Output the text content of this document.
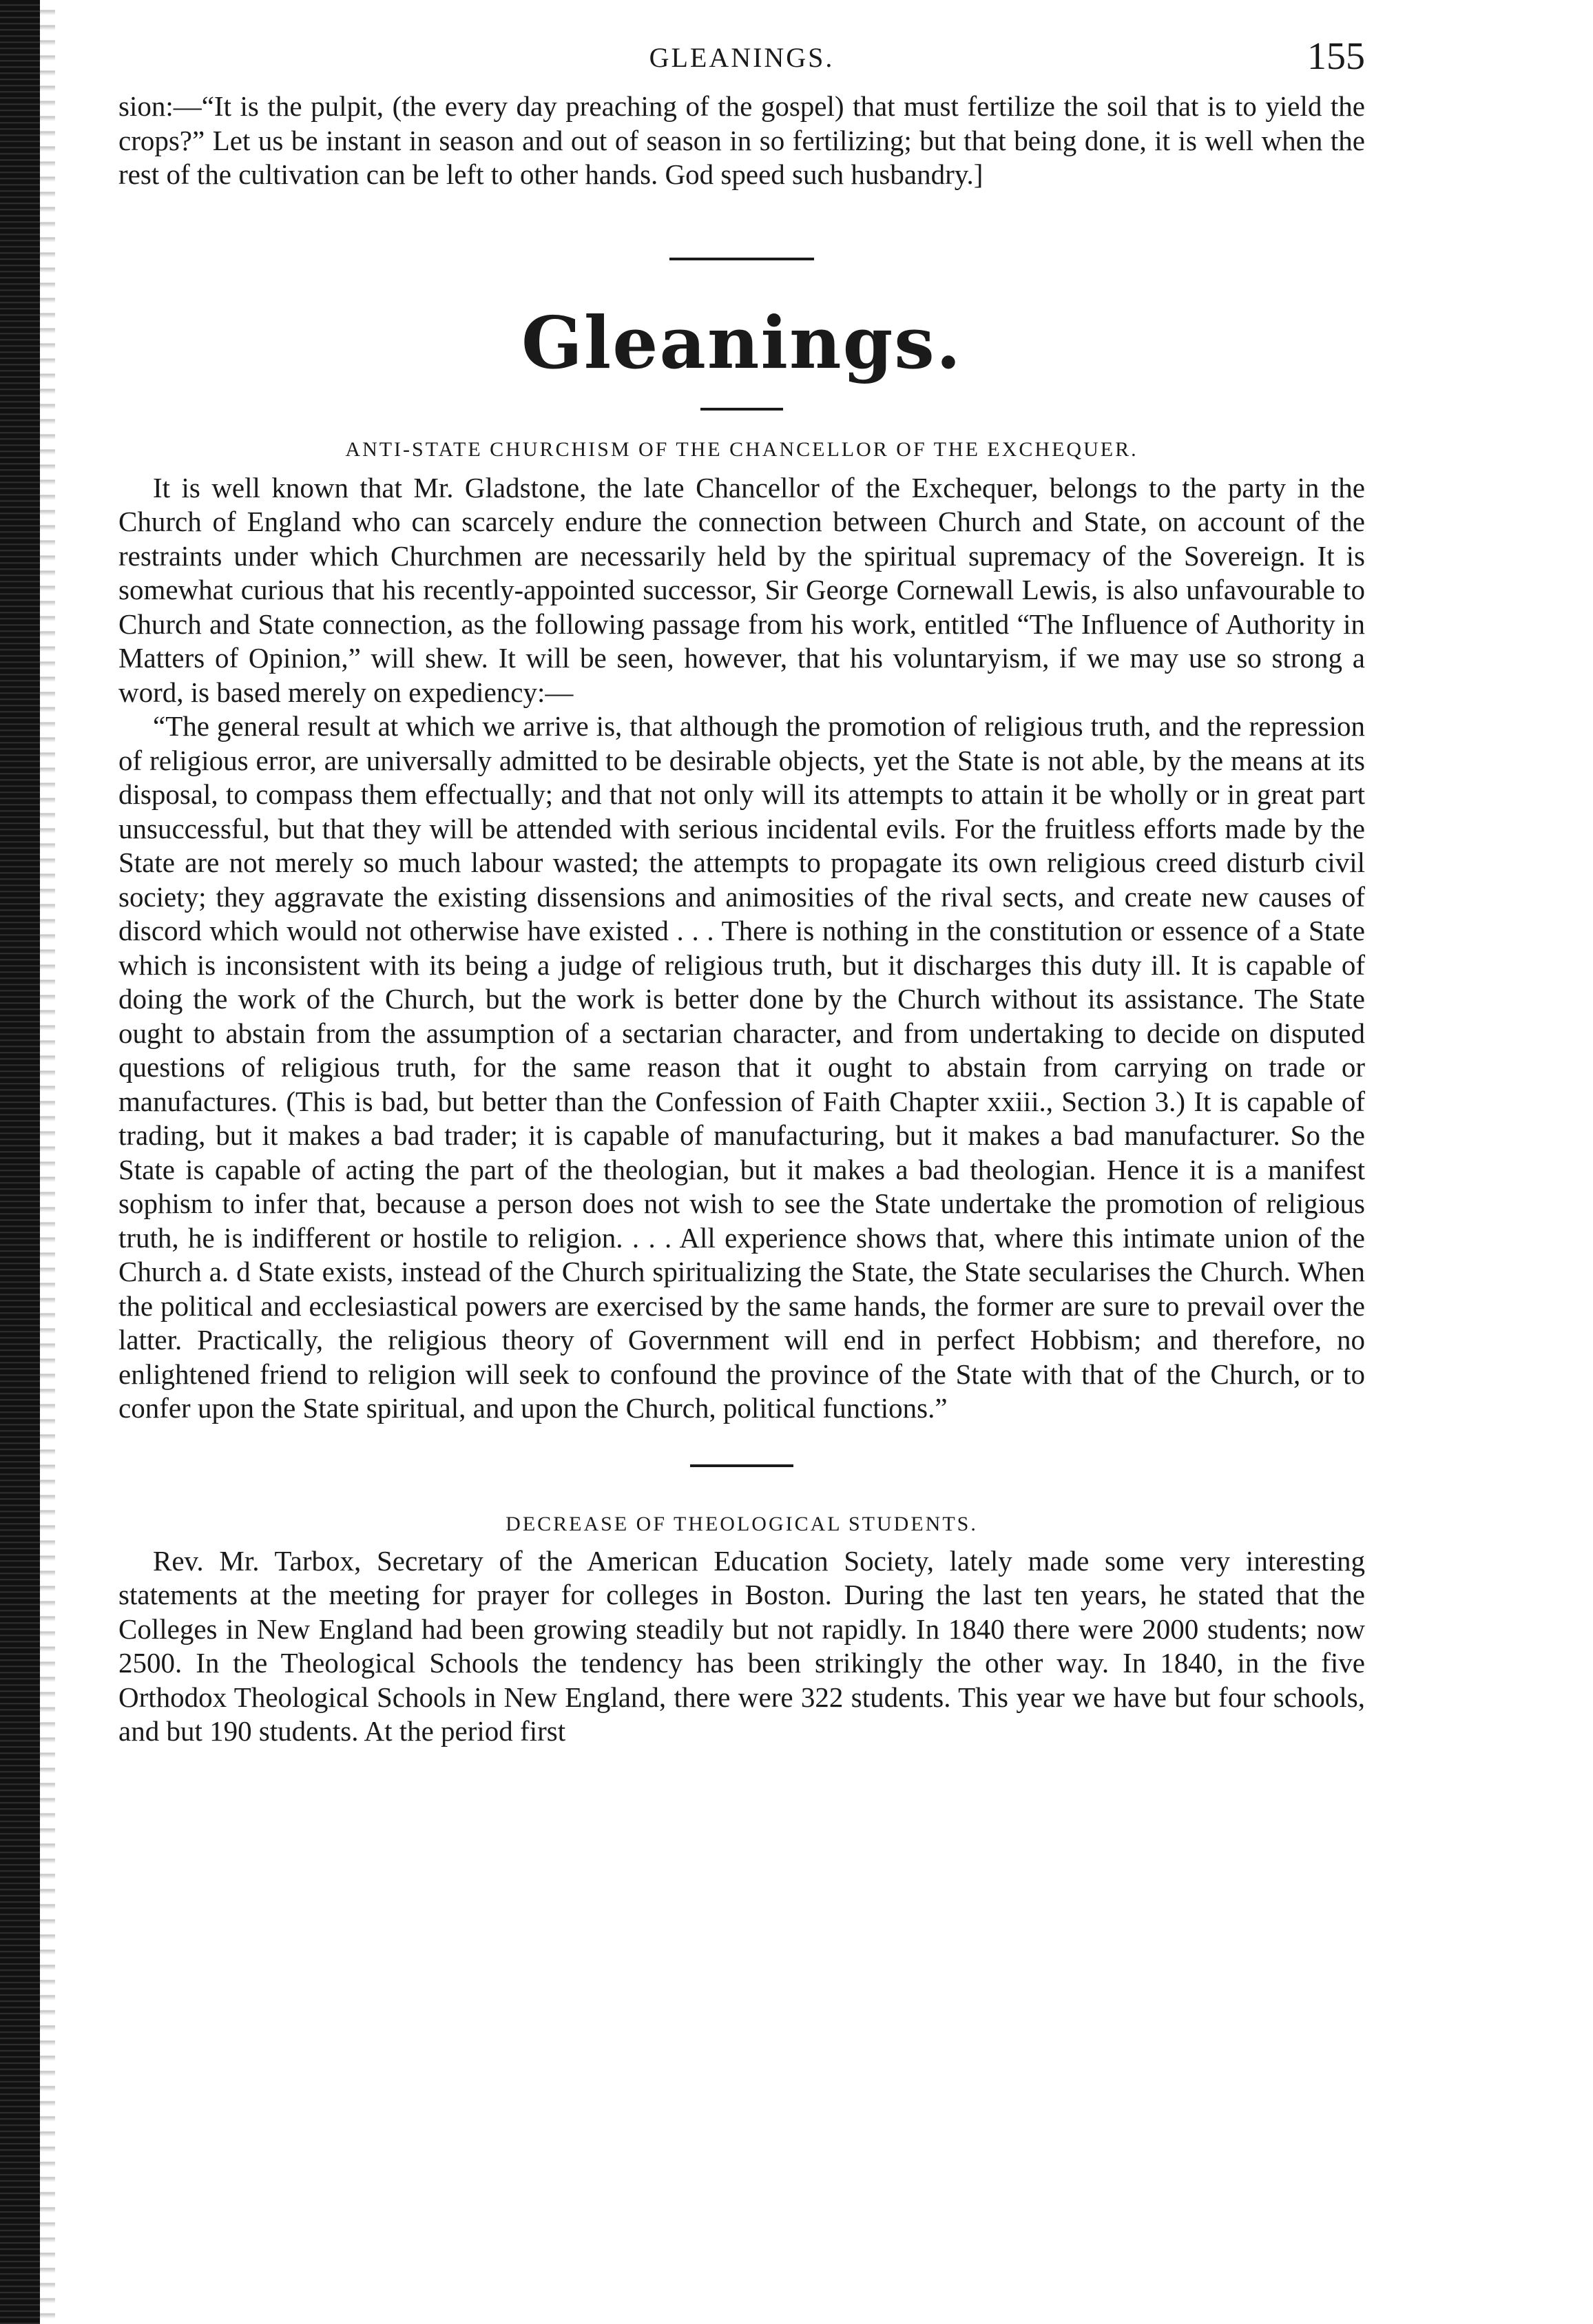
GLEANINGS.	155

sion:—“It is the pulpit, (the every day preaching of the gospel) that must fertilize the soil that is to yield the crops?” Let us be instant in season and out of season in so fertilizing; but that being done, it is well when the rest of the cultivation can be left to other hands. God speed such husbandry.]

Gleanings.
ANTI-STATE CHURCHISM OF THE CHANCELLOR OF THE EXCHEQUER.

It is well known that Mr. Gladstone, the late Chancellor of the Exchequer, belongs to the party in the Church of England who can scarcely endure the connection between Church and State, on account of the restraints under which Churchmen are necessarily held by the spiritual supremacy of the Sovereign. It is somewhat curious that his recently-appointed successor, Sir George Cornewall Lewis, is also unfavourable to Church and State connection, as the following passage from his work, entitled “The Influence of Authority in Matters of Opinion,” will shew. It will be seen, however, that his voluntaryism, if we may use so strong a word, is based merely on expediency:—

“The general result at which we arrive is, that although the promotion of religious truth, and the repression of religious error, are universally admitted to be desirable objects, yet the State is not able, by the means at its disposal, to compass them effectually; and that not only will its attempts to attain it be wholly or in great part unsuccessful, but that they will be attended with serious incidental evils. For the fruitless efforts made by the State are not merely so much labour wasted; the attempts to propagate its own religious creed disturb civil society; they aggravate the existing dissensions and animosities of the rival sects, and create new causes of discord which would not otherwise have existed . . . There is nothing in the constitution or essence of a State which is inconsistent with its being a judge of religious truth, but it discharges this duty ill. It is capable of doing the work of the Church, but the work is better done by the Church without its assistance. The State ought to abstain from the assumption of a sectarian character, and from undertaking to decide on disputed questions of religious truth, for the same reason that it ought to abstain from carrying on trade or manufactures. (This is bad, but better than the Confession of Faith Chapter xxiii., Section 3.) It is capable of trading, but it makes a bad trader; it is capable of manufacturing, but it makes a bad manufacturer. So the State is capable of acting the part of the theologian, but it makes a bad theologian. Hence it is a manifest sophism to infer that, because a person does not wish to see the State undertake the promotion of religious truth, he is indifferent or hostile to religion. . . . All experience shows that, where this intimate union of the Church a. d State exists, instead of the Church spiritualizing the State, the State secularises the Church. When the political and ecclesiastical powers are exercised by the same hands, the former are sure to prevail over the latter. Practically, the religious theory of Government will end in perfect Hobbism; and therefore, no enlightened friend to religion will seek to confound the province of the State with that of the Church, or to confer upon the State spiritual, and upon the Church, political functions.”

DECREASE OF THEOLOGICAL STUDENTS.

Rev. Mr. Tarbox, Secretary of the American Education Society, lately made some very interesting statements at the meeting for prayer for colleges in Boston. During the last ten years, he stated that the Colleges in New England had been growing steadily but not rapidly. In 1840 there were 2000 students; now 2500. In the Theological Schools the tendency has been strikingly the other way. In 1840, in the five Orthodox Theological Schools in New England, there were 322 students. This year we have but four schools, and but 190 students. At the period first
